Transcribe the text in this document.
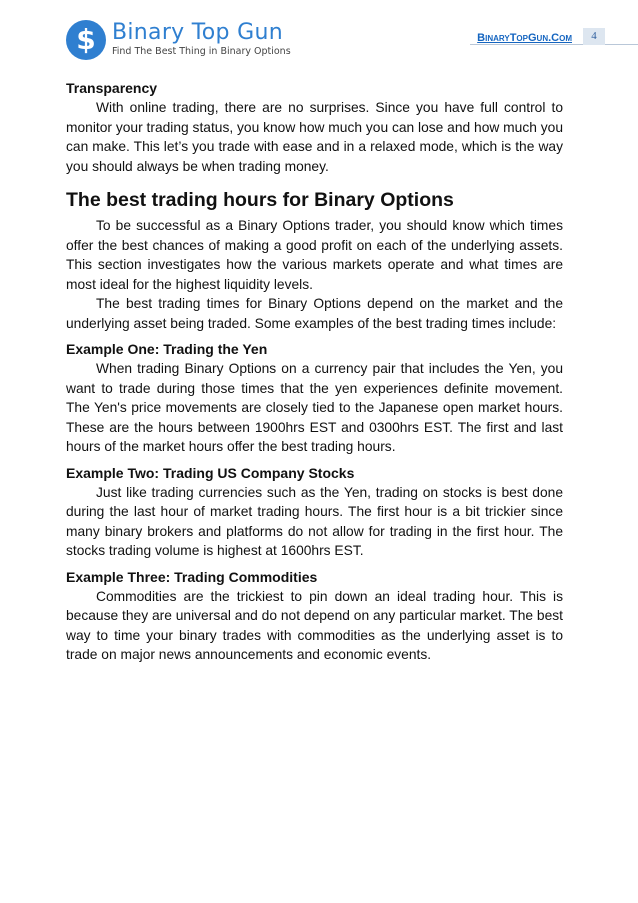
$ Binary Top Gun
Find The Best Thing in Binary Options
BinaryTopGun.Com	4
Transparency

With online trading, there are no surprises. Since you have full control to monitor your trading status, you know how much you can lose and how much you can make. This let’s you trade with ease and in a relaxed mode, which is the way you should always be when trading money.

The best trading hours for Binary Options

To be successful as a Binary Options trader, you should know which times offer the best chances of making a good profit on each of the underlying assets. This section investigates how the various markets operate and what times are most ideal for the highest liquidity levels.

The best trading times for Binary Options depend on the market and the underlying asset being traded. Some examples of the best trading times include:

Example One: Trading the Yen

When trading Binary Options on a currency pair that includes the Yen, you want to trade during those times that the yen experiences definite movement. The Yen's price movements are closely tied to the Japanese open market hours. These are the hours between 1900hrs EST and 0300hrs EST. The first and last hours of the market hours offer the best trading hours.

Example Two: Trading US Company Stocks

Just like trading currencies such as the Yen, trading on stocks is best done during the last hour of market trading hours. The first hour is a bit trickier since many binary brokers and platforms do not allow for trading in the first hour. The stocks trading volume is highest at 1600hrs EST.

Example Three: Trading Commodities

Commodities are the trickiest to pin down an ideal trading hour. This is because they are universal and do not depend on any particular market. The best way to time your binary trades with commodities as the underlying asset is to trade on major news announcements and economic events.
